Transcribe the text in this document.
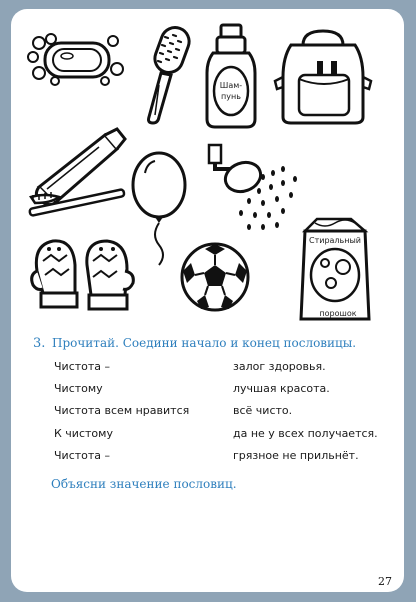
Шам-
пунь
Стиральный
порошок
3. Прочитай. Соедини начало и конец пословицы.
Чистота –
Чистому
Чистота всем нравится
К чистому
Чистота –
залог здоровья.
лучшая красота.
всё чисто.
да не у всех получается.
грязное не прильнёт.
Объясни значение пословиц.
27
